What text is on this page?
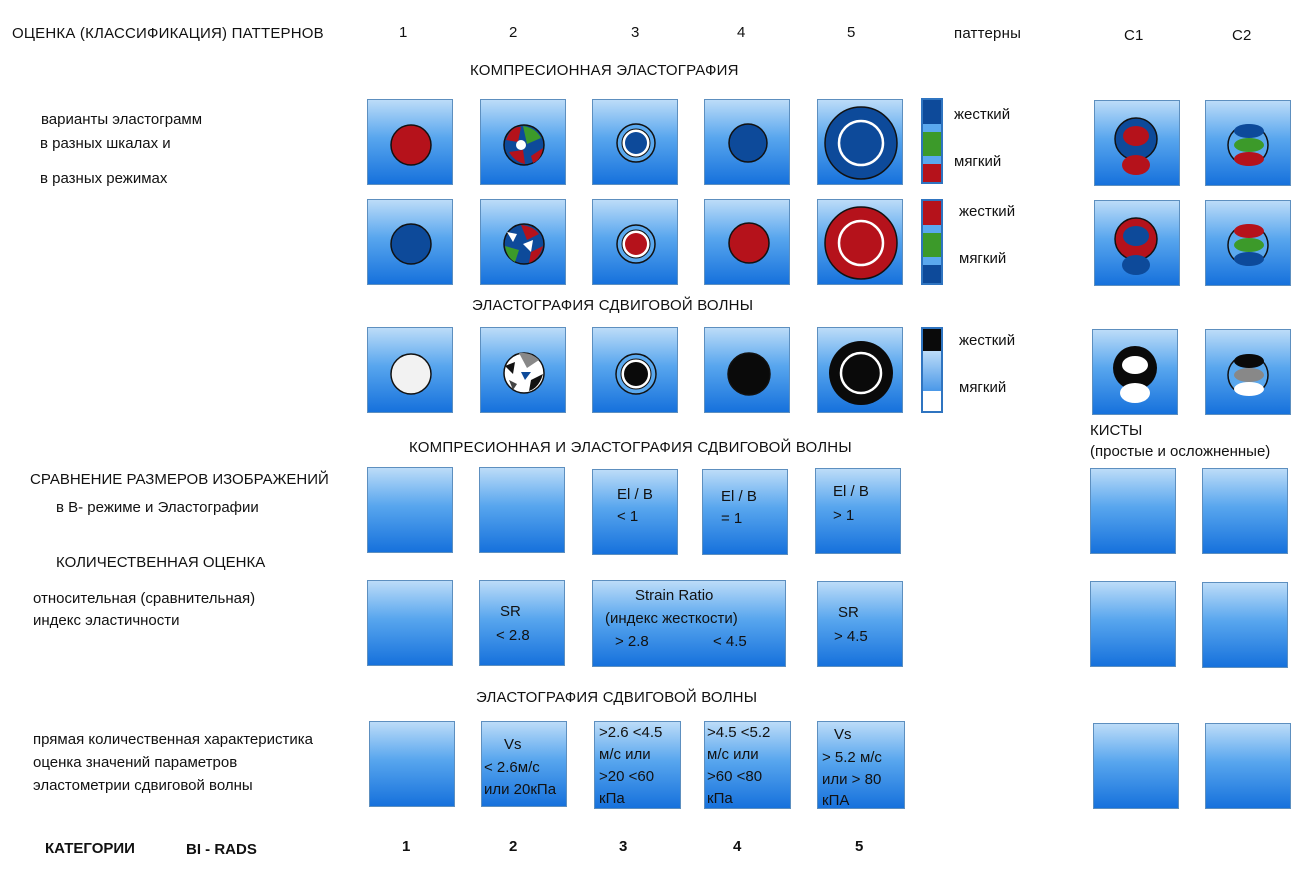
ОЦЕНКА (КЛАССИФИКАЦИЯ) ПАТТЕРНОВ	1	2	3	4	5	паттерны	C1	C2
КОМПРЕСИОННАЯ ЭЛАСТОГРАФИЯ
варианты эластограмм
в разных шкалах и
в разных режимах
жесткий
мягкий
жесткий
мягкий
ЭЛАСТОГРАФИЯ СДВИГОВОЙ ВОЛНЫ
жесткий
мягкий
КИСТЫ
(простые и осложненные)
КОМПРЕСИОННАЯ И ЭЛАСТОГРАФИЯ СДВИГОВОЙ ВОЛНЫ
СРАВНЕНИЕ РАЗМЕРОВ ИЗОБРАЖЕНИЙ
в В- режиме и Эластографии
El / B
< 1
El / B
= 1
El / B
> 1
КОЛИЧЕСТВЕННАЯ ОЦЕНКА
относительная (сравнительная)
индекс эластичности
SR
< 2.8
Strain Ratio
(индекс жесткости)
> 2.8	< 4.5
SR
> 4.5
ЭЛАСТОГРАФИЯ СДВИГОВОЙ ВОЛНЫ
прямая количественная характеристика
оценка значений параметров
эластометрии сдвиговой волны
Vs
< 2.6м/с
или 20кПа
>2.6 <4.5
м/с или
>20 <60
кПа
>4.5 <5.2
м/с или
>60 <80
кПа
Vs
> 5.2 м/с
или > 80
кПА
КАТЕГОРИИ	BI - RADS	1	2	3	4	5
